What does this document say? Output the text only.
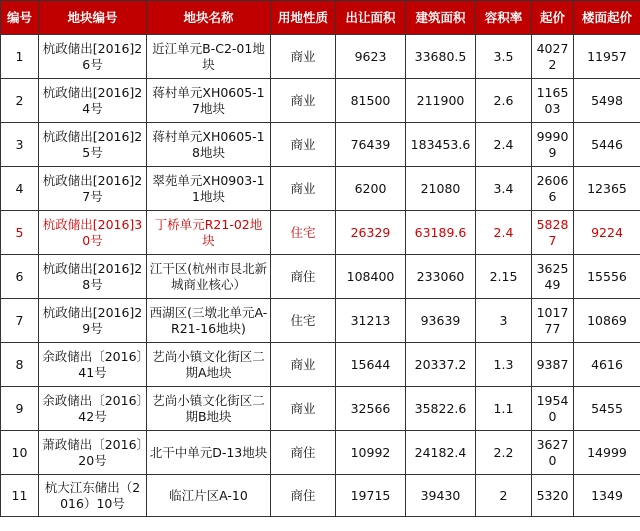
编号	地块编号	地块名称	用地性质	出让面积	建筑面积	容积率	起价	楼面起价
1	杭政储出[2016]26号	近江单元B-C2-01地块	商业	9623	33680.5	3.5	40272	11957
2	杭政储出[2016]24号	蒋村单元XH0605-17地块	商业	81500	211900	2.6	116503	5498
3	杭政储出[2016]25号	蒋村单元XH0605-18地块	商业	76439	183453.6	2.4	99909	5446
4	杭政储出[2016]27号	翠苑单元XH0903-11地块	商业	6200	21080	3.4	26066	12365
5	杭政储出[2016]30号	丁桥单元R21-02地块	住宅	26329	63189.6	2.4	58287	9224
6	杭政储出[2016]28号	江干区(杭州市艮北新城商业核心）	商住	108400	233060	2.15	362549	15556
7	杭政储出[2016]29号	西湖区(三墩北单元A-R21-16地块)	住宅	31213	93639	3	101777	10869
8	余政储出〔2016〕41号	艺尚小镇文化街区二期A地块	商业	15644	20337.2	1.3	9387	4616
9	余政储出〔2016〕42号	艺尚小镇文化街区二期B地块	商业	32566	35822.6	1.1	19540	5455
10	萧政储出〔2016〕20号	北干中单元D-13地块	商住	10992	24182.4	2.2	36270	14999
11	杭大江东储出（2016）10号	临江片区A-10	商住	19715	39430	2	5320	1349
